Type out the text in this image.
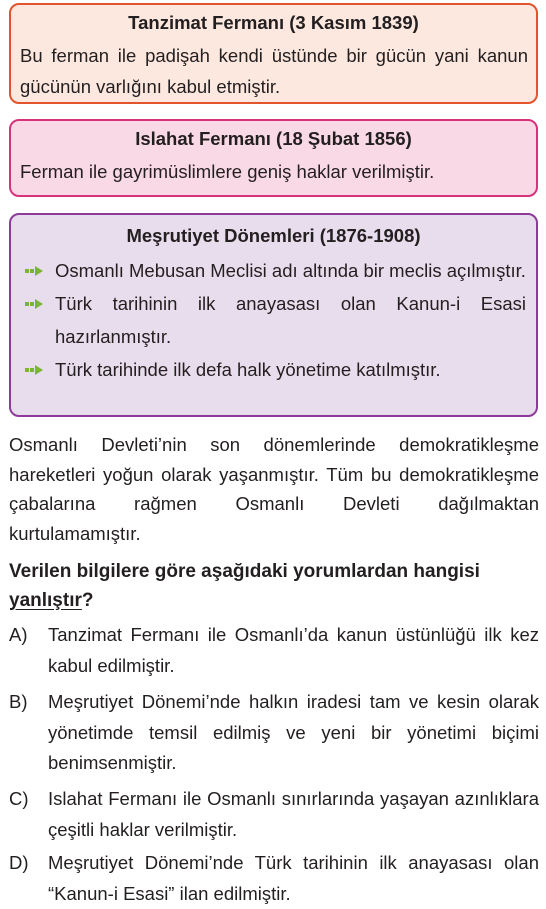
Tanzimat Fermanı (3 Kasım 1839)
Bu ferman ile padişah kendi üstünde bir gücün yani kanun gücünün varlığını kabul etmiştir.
Islahat Fermanı (18 Şubat 1856)
Ferman ile gayrimüslimlere geniş haklar verilmiştir.
Meşrutiyet Dönemleri (1876-1908)
Osmanlı Mebusan Meclisi adı altında bir meclis açılmıştır.
Türk tarihinin ilk anayasası olan Kanun-i Esasi hazırlanmıştır.
Türk tarihinde ilk defa halk yönetime katılmıştır.
Osmanlı Devleti’nin son dönemlerinde demokratikleşme hareketleri yoğun olarak yaşanmıştır. Tüm bu demokratikleşme çabalarına rağmen Osmanlı Devleti dağılmaktan kurtulamamıştır.
Verilen bilgilere göre aşağıdaki yorumlardan hangisi
yanlıştır?
A) Tanzimat Fermanı ile Osmanlı’da kanun üstünlüğü ilk kez kabul edilmiştir.
B) Meşrutiyet Dönemi’nde halkın iradesi tam ve kesin olarak yönetimde temsil edilmiş ve yeni bir yönetimi biçimi benimsenmiştir.
C) Islahat Fermanı ile Osmanlı sınırlarında yaşayan azınlıklara çeşitli haklar verilmiştir.
D) Meşrutiyet Dönemi’nde Türk tarihinin ilk anayasası olan “Kanun-i Esasi” ilan edilmiştir.
